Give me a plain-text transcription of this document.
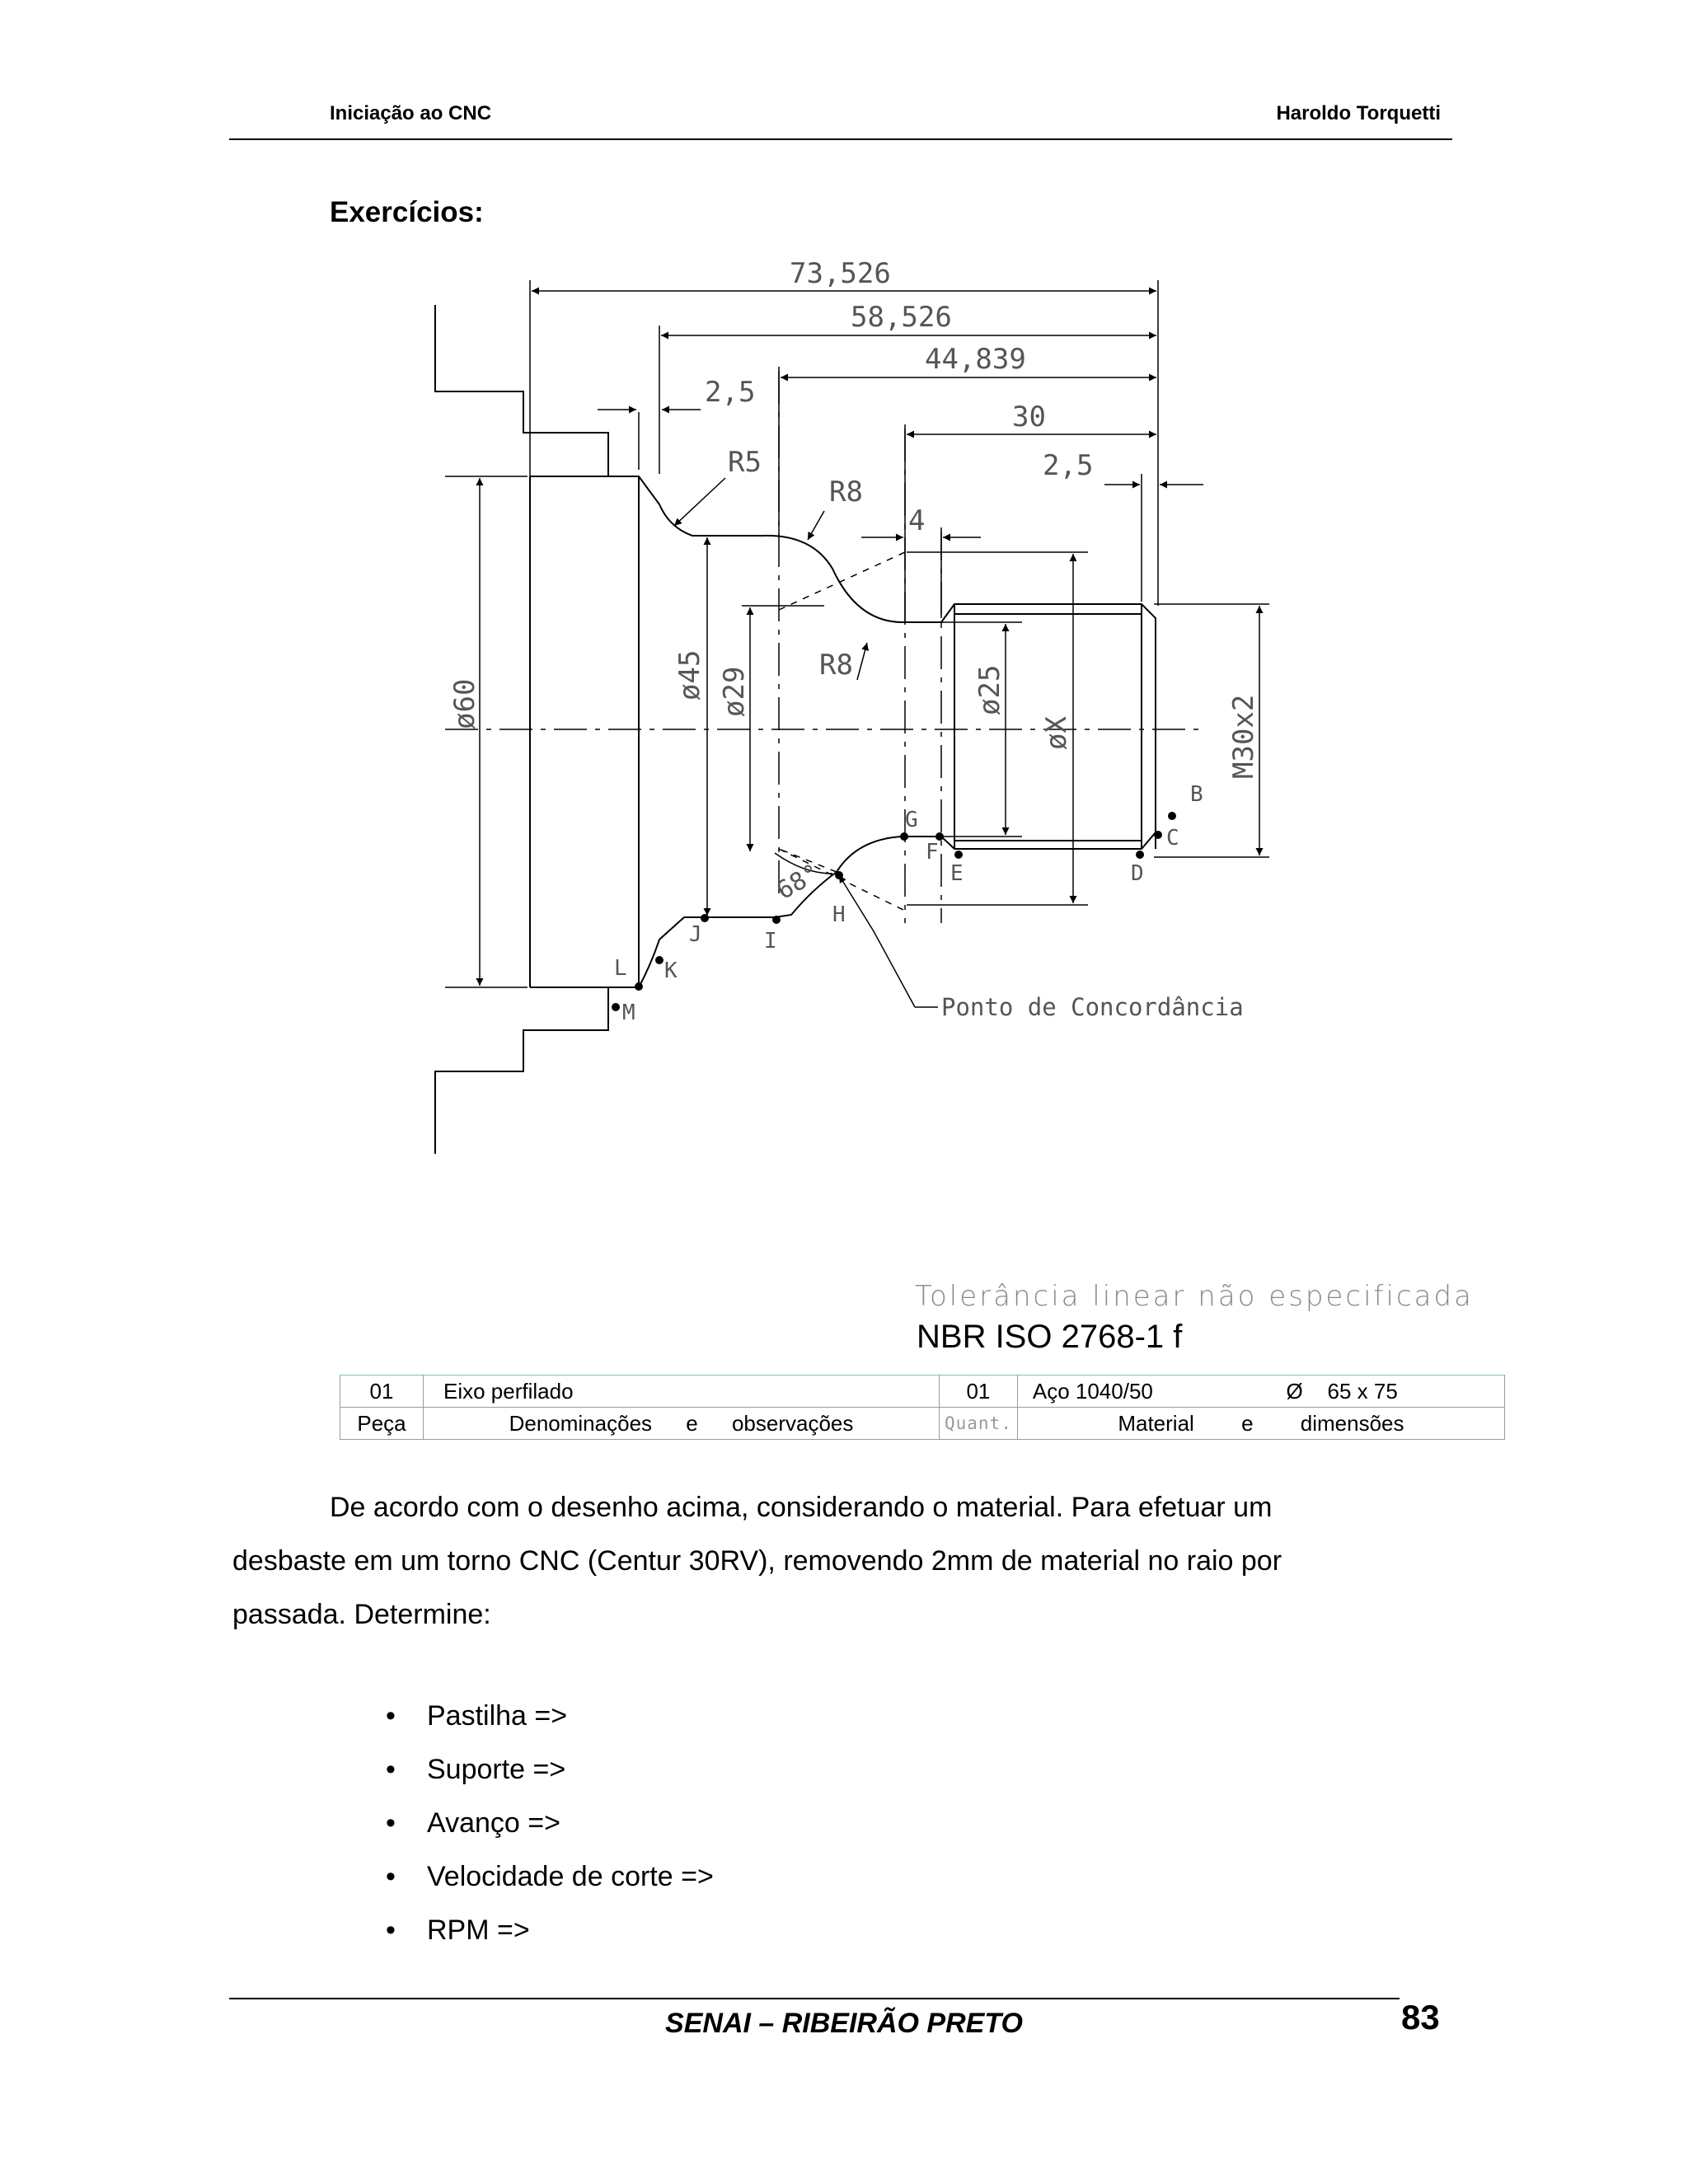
Iniciação ao CNC	Haroldo Torquetti
Exercícios:
73,526
58,526
44,839
2,5
30
2,5
4
R5
R8
R8
ø60
ø45 ø29	ø25
øX	M30x2
68°
B
C
D
E
F
G
H
I
J
K
L
M	Ponto de Concordância
Tolerância linear não especificada
NBR ISO 2768-1 f
01	Eixo perfilado	01	Aço 1040/50 Ø 65 x 75

Peça	Denominações e observações	Quant.	Material e dimensões
De acordo com o desenho acima, considerando o material. Para efetuar um
desbaste em um torno CNC (Centur 30RV), removendo 2mm de material no raio por
passada. Determine:
• Pastilha =>
• Suporte =>
• Avanço =>
• Velocidade de corte =>
• RPM =>
SENAI – RIBEIRÃO PRETO	83
